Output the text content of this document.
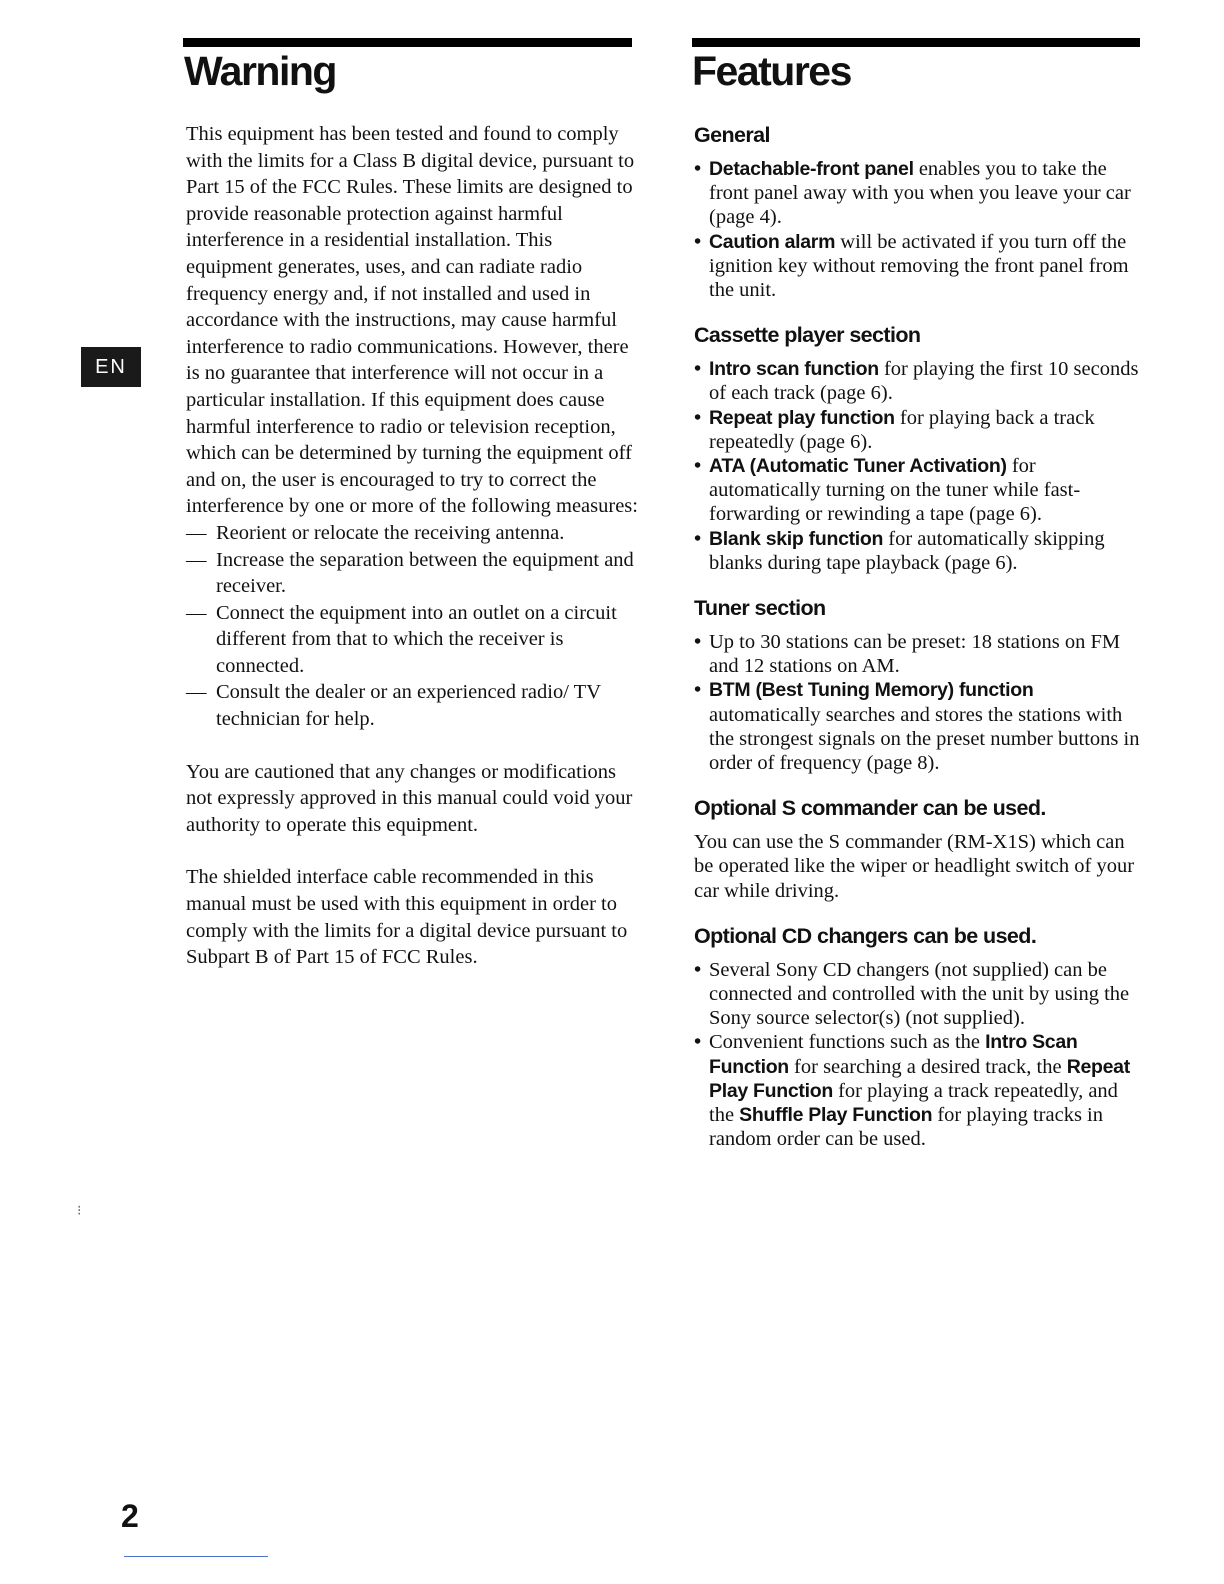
Warning	Features
EN
⁝

This equipment has been tested and found to comply with the limits for a Class B digital device, pursuant to Part 15 of the FCC Rules. These limits are designed to provide reasonable protection against harmful interference in a residential installation. This equipment generates, uses, and can radiate radio frequency energy and, if not installed and used in accordance with the instructions, may cause harmful interference to radio communications. However, there is no guarantee that interference will not occur in a particular installation. If this equipment does cause harmful interference to radio or television reception, which can be determined by turning the equipment off and on, the user is encouraged to try to correct the interference by one or more of the following measures:

— Reorient or relocate the receiving antenna.
— Increase the separation between the equipment and receiver.
— Connect the equipment into an outlet on a circuit different from that to which the receiver is connected.
— Consult the dealer or an experienced radio/ TV technician for help.

You are cautioned that any changes or modifications not expressly approved in this manual could void your authority to operate this equipment.

The shielded interface cable recommended in this manual must be used with this equipment in order to comply with the limits for a digital device pursuant to Subpart B of Part 15 of FCC Rules.

General
• Detachable-front panel enables you to take the front panel away with you when you leave your car (page 4).
• Caution alarm will be activated if you turn off the ignition key without removing the front panel from the unit.
Cassette player section
• Intro scan function for playing the first 10 seconds of each track (page 6).
• Repeat play function for playing back a track repeatedly (page 6).
• ATA (Automatic Tuner Activation) for automatically turning on the tuner while fast-forwarding or rewinding a tape (page 6).
• Blank skip function for automatically skipping blanks during tape playback (page 6).
Tuner section
• Up to 30 stations can be preset: 18 stations on FM and 12 stations on AM.
• BTM (Best Tuning Memory) function automatically searches and stores the stations with the strongest signals on the preset number buttons in order of frequency (page 8).
Optional S commander can be used.

You can use the S commander (RM-X1S) which can be operated like the wiper or headlight switch of your car while driving.

Optional CD changers can be used.
• Several Sony CD changers (not supplied) can be connected and controlled with the unit by using the Sony source selector(s) (not supplied).
• Convenient functions such as the Intro Scan Function for searching a desired track, the Repeat Play Function for playing a track repeatedly, and the Shuffle Play Function for playing tracks in random order can be used.
2
